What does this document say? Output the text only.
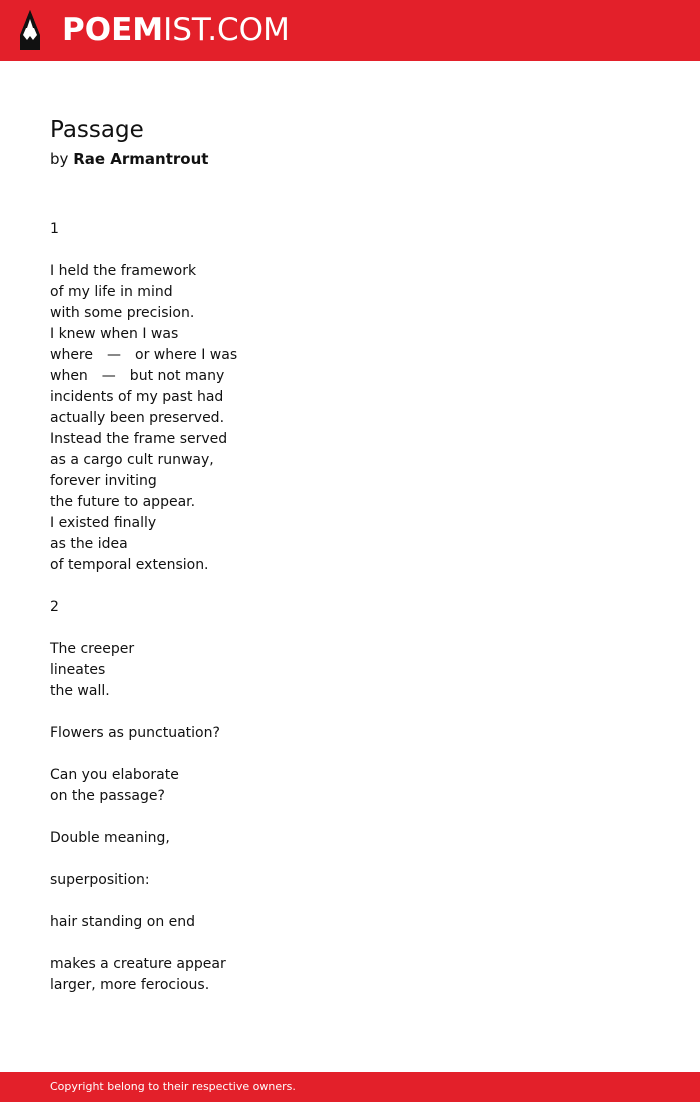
POEMIST.COM
Passage
by Rae Armantrout
1
I held the framework
of my life in mind
with some precision.
I knew when I was
where — or where I was
when — but not many
incidents of my past had
actually been preserved.
Instead the frame served
as a cargo cult runway,
forever inviting
the future to appear.
I existed finally
as the idea
of temporal extension.
2
The creeper
lineates
the wall.
Flowers as punctuation?
Can you elaborate
on the passage?
Double meaning,
superposition:
hair standing on end
makes a creature appear
larger, more ferocious.
Copyright belong to their respective owners.
